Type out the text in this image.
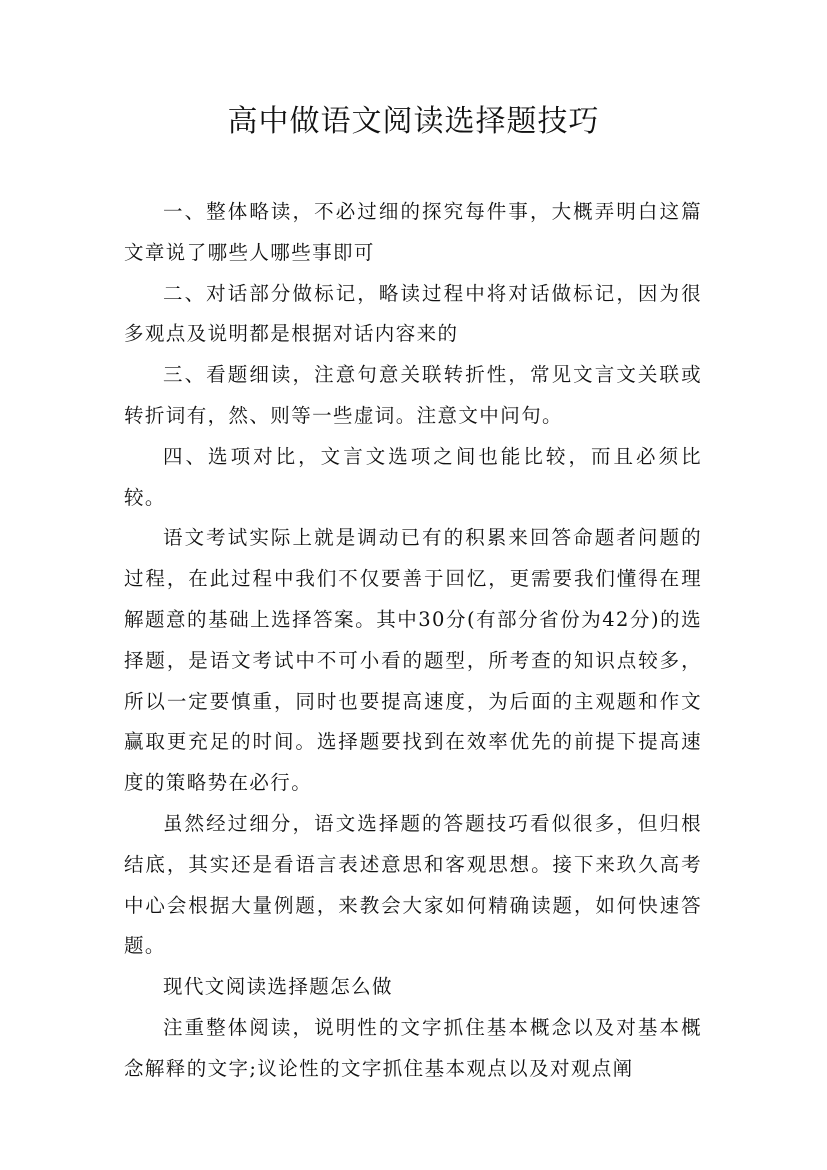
高中做语文阅读选择题技巧

一、整体略读，不必过细的探究每件事，大概弄明白这篇文章说了哪些人哪些事即可

二、对话部分做标记，略读过程中将对话做标记，因为很多观点及说明都是根据对话内容来的

三、看题细读，注意句意关联转折性，常见文言文关联或转折词有，然、则等一些虚词。注意文中问句。

四、选项对比，文言文选项之间也能比较，而且必须比较。

语文考试实际上就是调动已有的积累来回答命题者问题的过程，在此过程中我们不仅要善于回忆，更需要我们懂得在理解题意的基础上选择答案。其中30分(有部分省份为42分)的选择题，是语文考试中不可小看的题型，所考查的知识点较多，所以一定要慎重，同时也要提高速度，为后面的主观题和作文赢取更充足的时间。选择题要找到在效率优先的前提下提高速度的策略势在必行。

虽然经过细分，语文选择题的答题技巧看似很多，但归根结底，其实还是看语言表述意思和客观思想。接下来玖久高考中心会根据大量例题，来教会大家如何精确读题，如何快速答题。

现代文阅读选择题怎么做

注重整体阅读，说明性的文字抓住基本概念以及对基本概念解释的文字;议论性的文字抓住基本观点以及对观点阐
